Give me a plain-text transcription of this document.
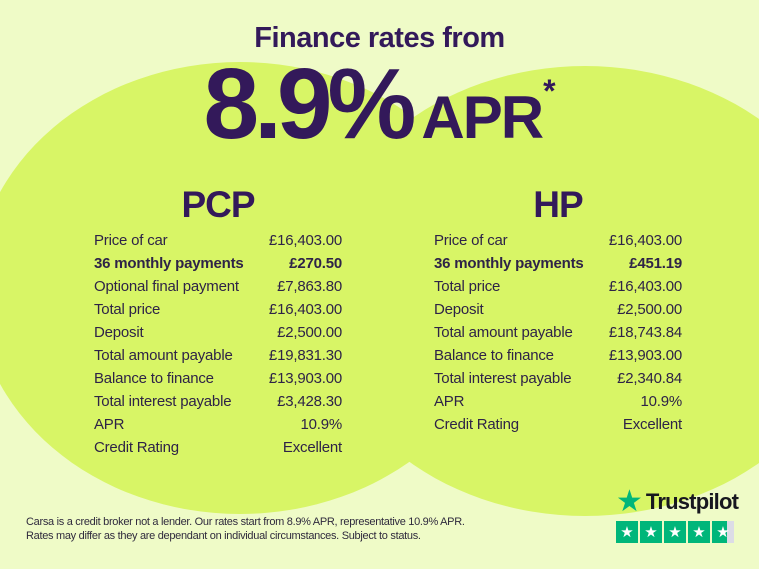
Finance rates from
8.9% APR*
PCP
Price of car	£16,403.00
36 monthly payments	£270.50
Optional final payment	£7,863.80
Total price	£16,403.00
Deposit	£2,500.00
Total amount payable £19,831.30
Balance to finance	£13,903.00
Total interest payable	£3,428.30
APR	10.9%
Credit Rating	Excellent
HP
Price of car	£16,403.00
36 monthly payments	£451.19
Total price	£16,403.00
Deposit	£2,500.00
Total amount payable £18,743.84
Balance to finance	£13,903.00
Total interest payable	£2,340.84
APR	10.9%
Credit Rating	Excellent
Carsa is a credit broker not a lender. Our rates start from 8.9% APR, representative 10.9% APR.
Rates may differ as they are dependant on individual circumstances. Subject to status.
★ Trustpilot
★ ★ ★ ★ ★
